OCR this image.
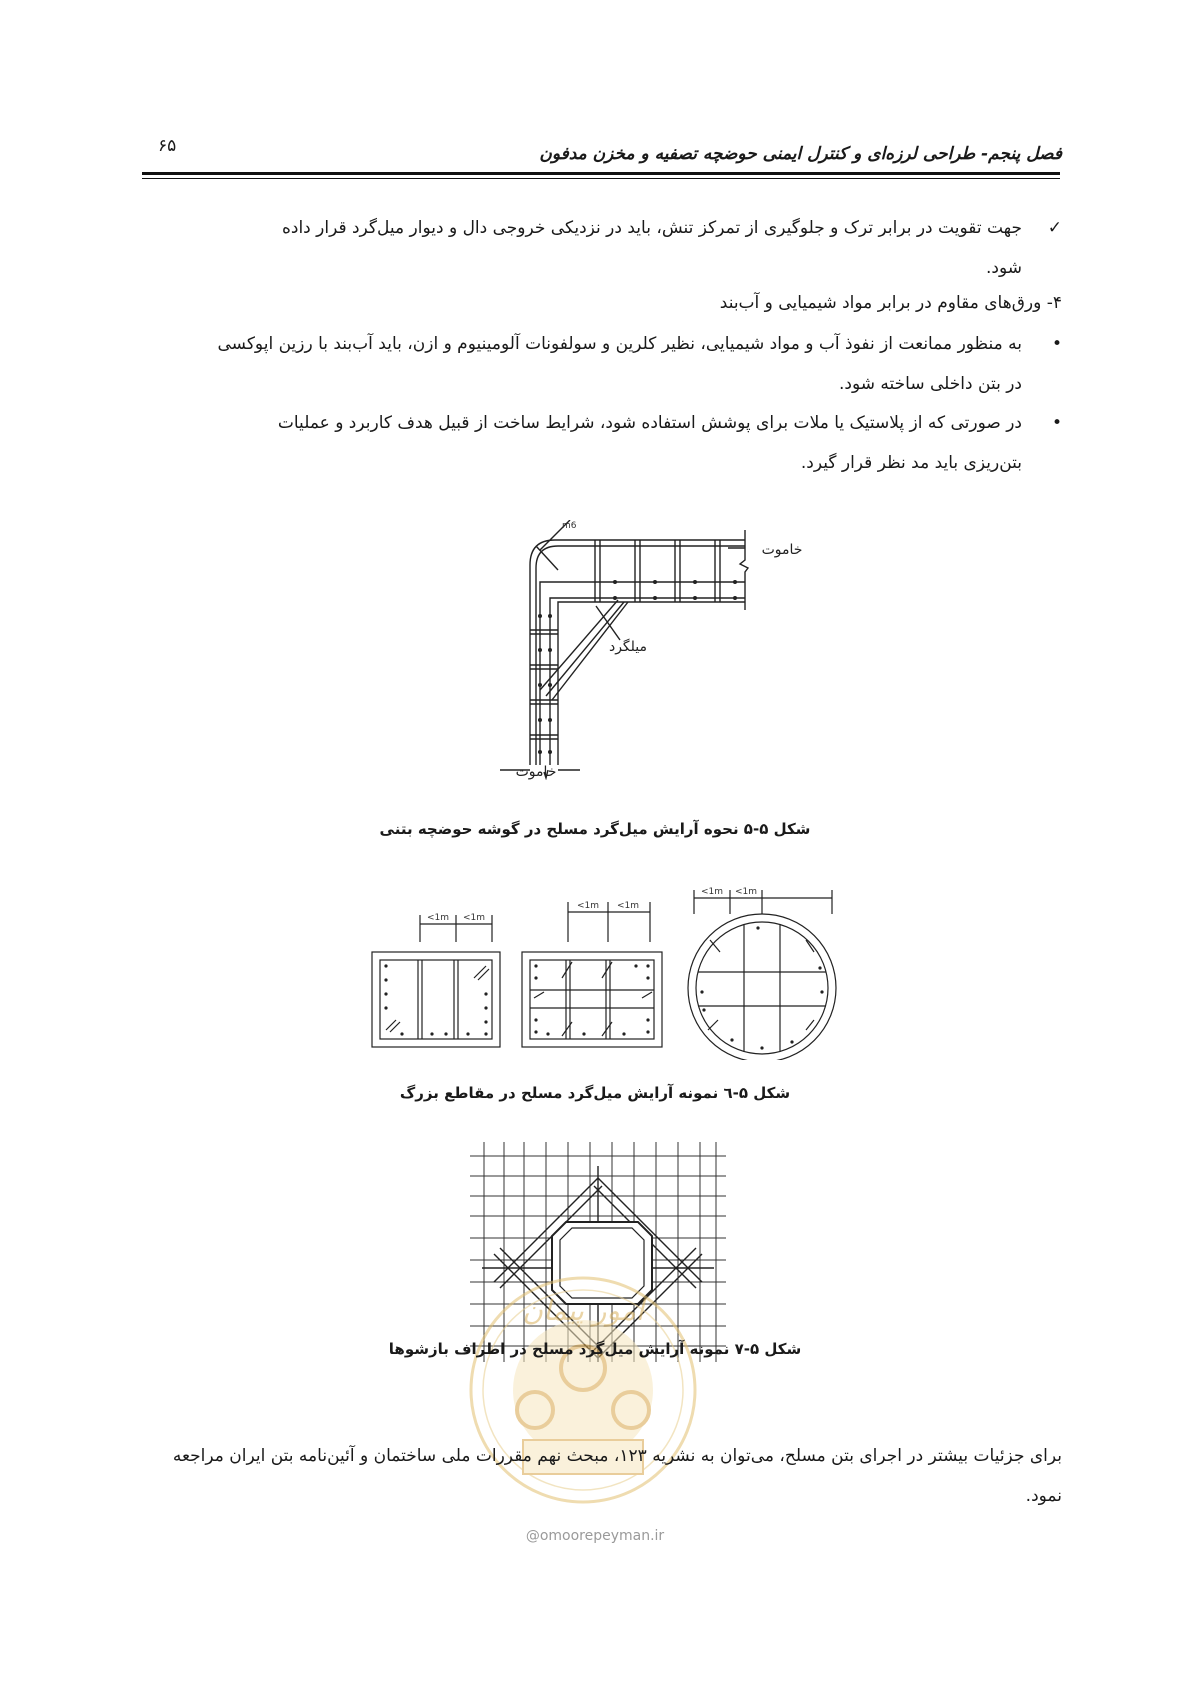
فصل پنجم- طراحی لرزه‌ای و کنترل ایمنی حوضچه تصفیه و مخزن مدفون
۶۵
✓
جهت تقویت در برابر ترک و جلوگیری از تمرکز تنش، باید در نزدیکی خروجی دال و دیوار میل‌گرد قرار داده
شود.
۴- ورق‌های مقاوم در برابر مواد شیمیایی و آب‌بند
•
به منظور ممانعت از نفوذ آب و مواد شیمیایی، نظیر کلرین و سولفونات آلومینیوم و ازن، باید آب‌بند با رزین اپوکسی
در بتن داخلی ساخته شود.
•
در صورتی که از پلاستیک یا ملات برای پوشش استفاده شود، شرایط ساخت از قبیل هدف کاربرد و عملیات
بتن‌ریزی باید مد نظر قرار گیرد.
m6
خاموت
میلگرد
خاموت
شکل ۵-۵ نحوه آرایش میل‌گرد مسلح در گوشه حوضچه بتنی
<1m <1m
<1m <1m
<1m <1m
شکل ۵-٦ نمونه آرایش میل‌گرد مسلح در مقاطع بزرگ
امور پیمان
شکل ۵-۷ نمونه آرایش میل‌گرد مسلح در اطراف بازشوها
برای جزئیات بیشتر در اجرای بتن مسلح، می‌توان به نشریه ۱۲۳، مبحث نهم مقررات ملی ساختمان و آئین‌نامه بتن ایران مراجعه
نمود.
@omoorepeyman.ir
